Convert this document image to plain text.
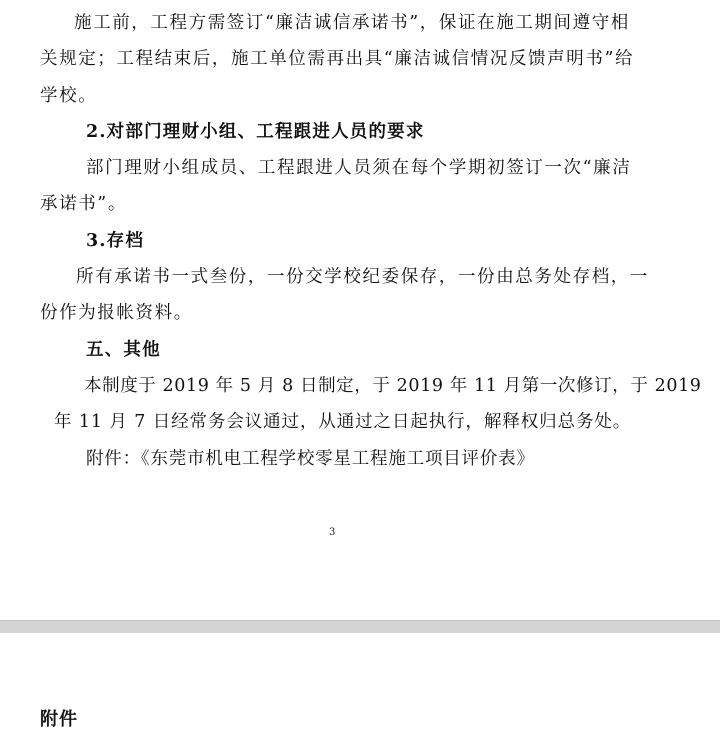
施工前，工程方需签订“廉洁诚信承诺书”，保证在施工期间遵守相
关规定；工程结束后，施工单位需再出具“廉洁诚信情况反馈声明书”给
学校。
2.对部门理财小组、工程跟进人员的要求
部门理财小组成员、工程跟进人员须在每个学期初签订一次“廉洁
承诺书”。
3.存档
所有承诺书一式叁份，一份交学校纪委保存，一份由总务处存档，一
份作为报帐资料。
五、其他
本制度于 2019 年 5 月 8 日制定，于 2019 年 11 月第一次修订，于 2019
年 11 月 7 日经常务会议通过，从通过之日起执行，解释权归总务处。
附件：《东莞市机电工程学校零星工程施工项目评价表》
3
附件
